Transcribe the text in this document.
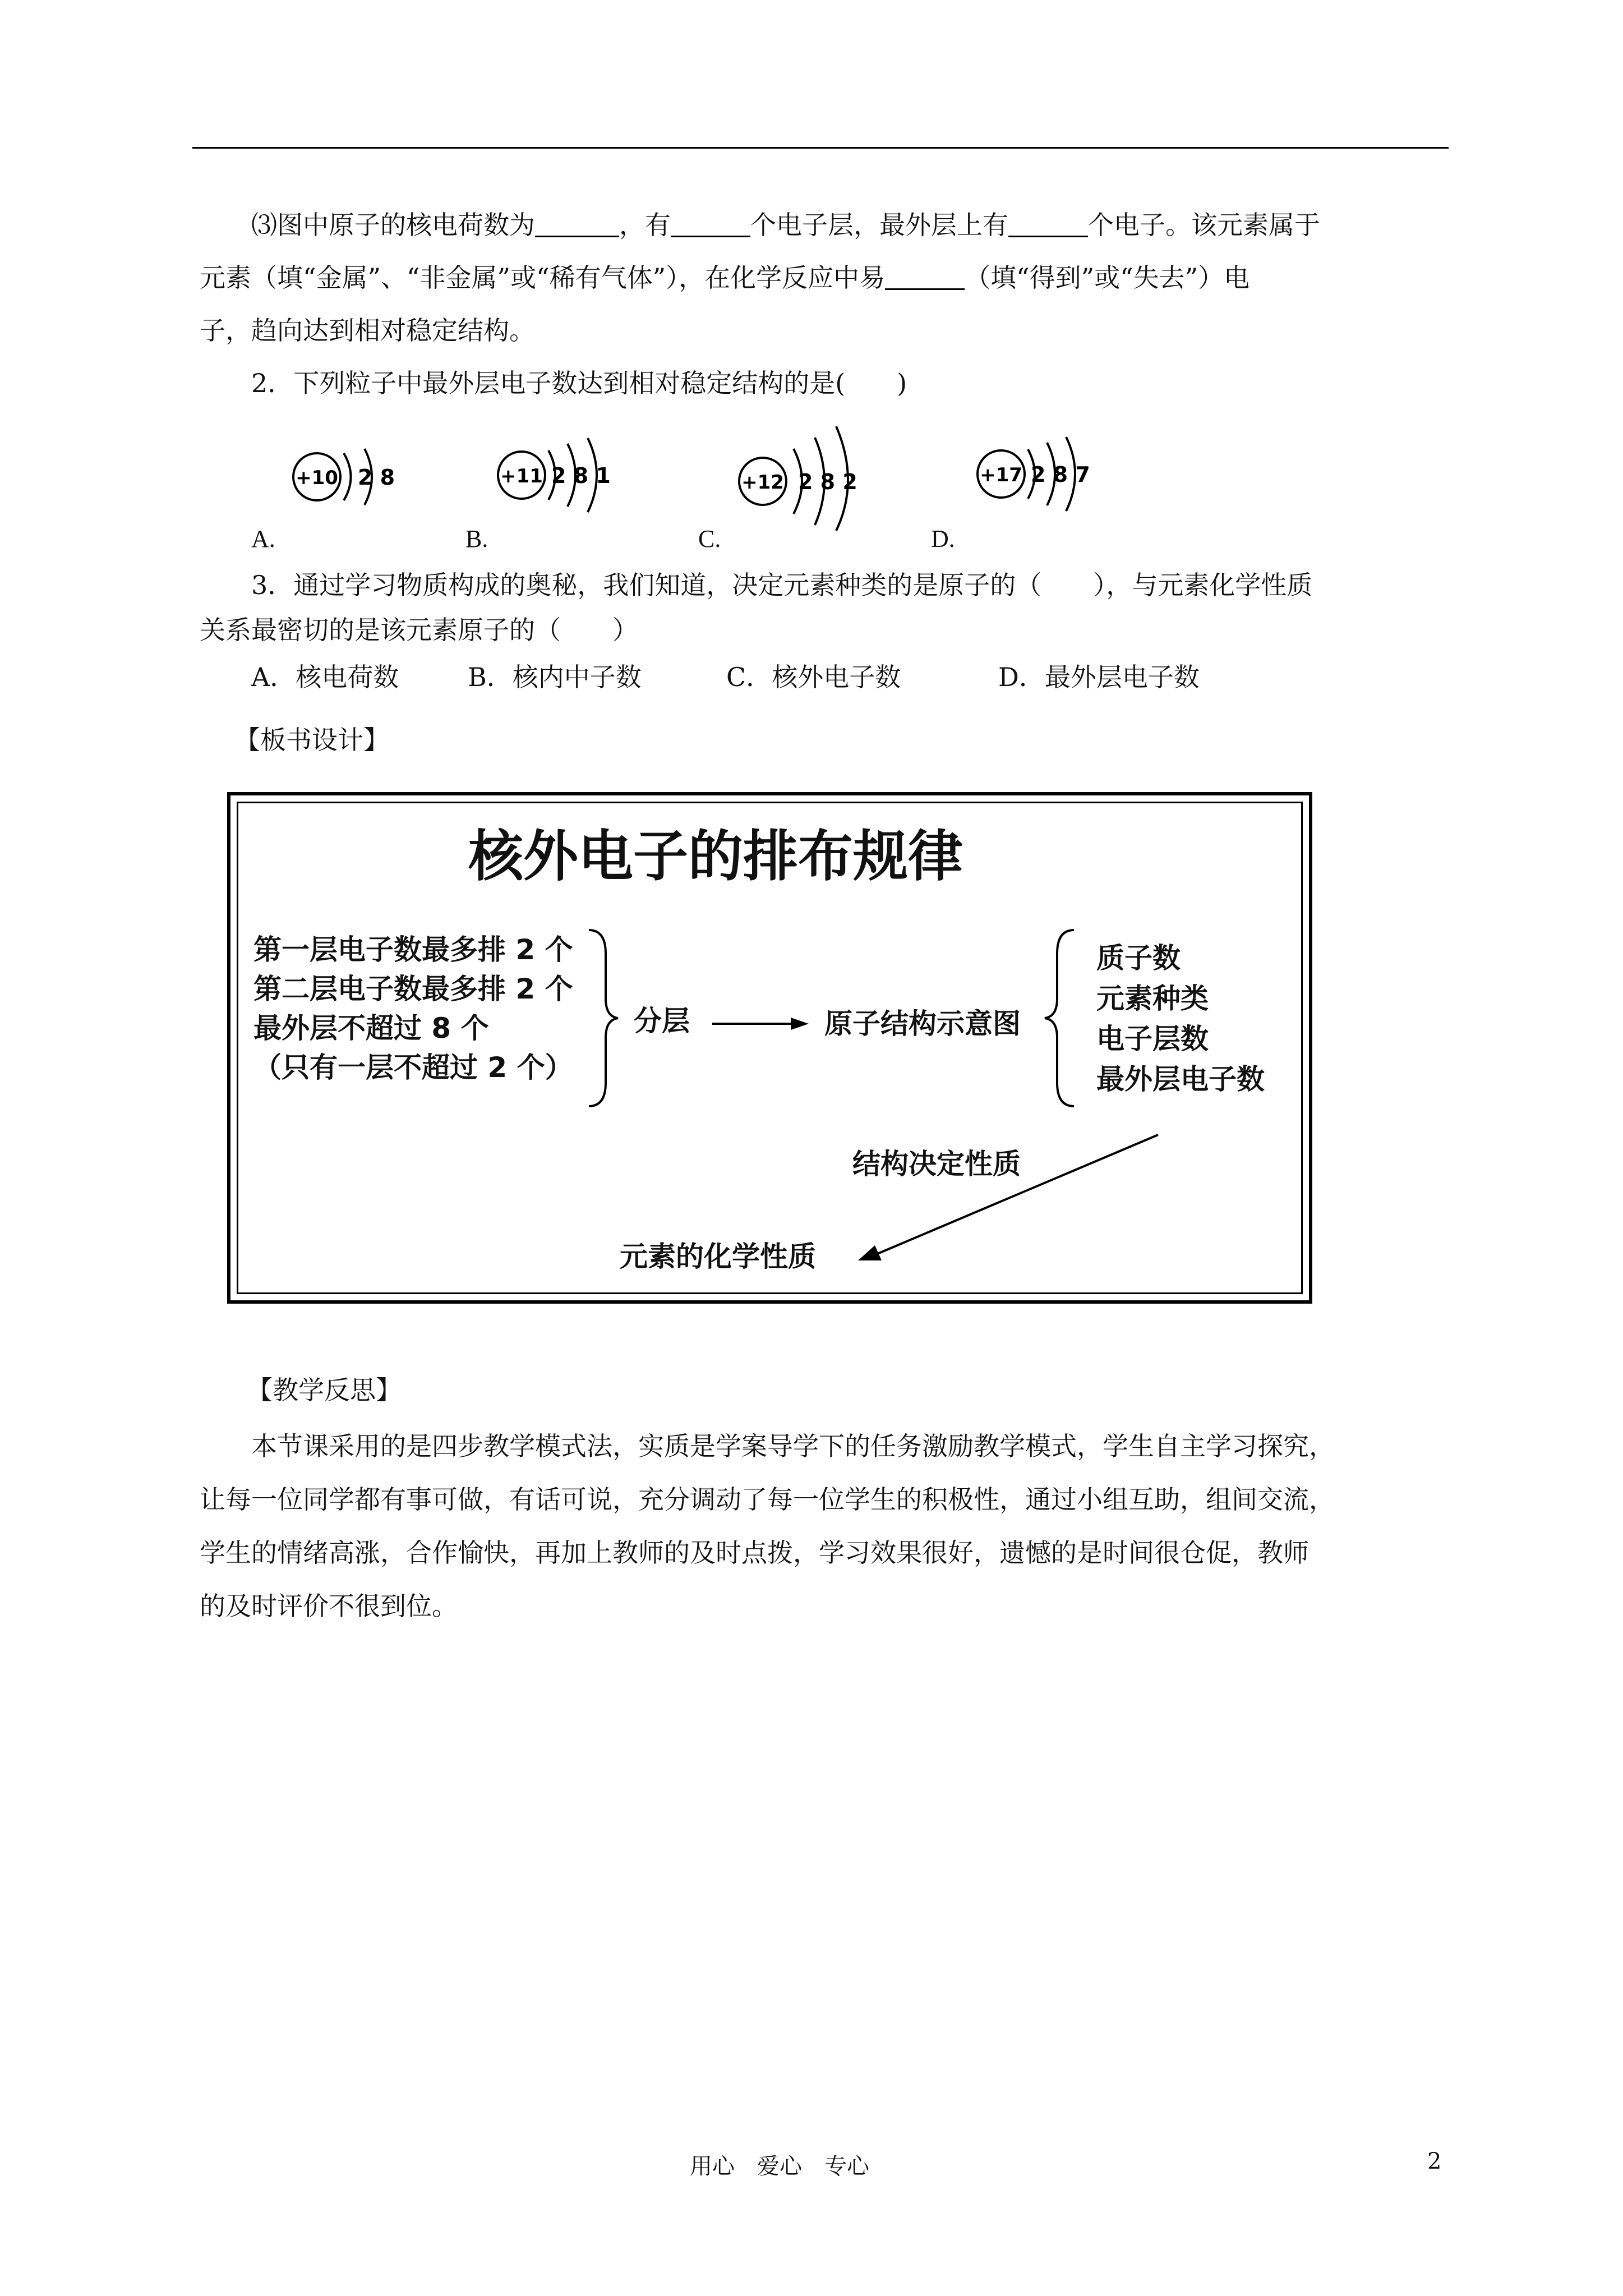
⑶图中原子的核电荷数为	，有	个电子层，最外层上有	个电子。该元素属于
元素（填“金属”、“非金属”或“稀有气体”），在化学反应中易	（填“得到”或“失去”）电
子，趋向达到相对稳定结构。
2．下列粒子中最外层电子数达到相对稳定结构的是(　　)
+10 2 8	+11 2 8 1	+12 2 8 2	+17 2 8 7
A.	B.	C.	D.
3．通过学习物质构成的奥秘，我们知道，决定元素种类的是原子的（　　），与元素化学性质
关系最密切的是该元素原子的（　　）
A．核电荷数	B．核内中子数	C．核外电子数	D．最外层电子数
【板书设计】
核外电子的排布规律
第一层电子数最多排 2 个
第二层电子数最多排 2 个
最外层不超过 8 个
（只有一层不超过 2 个）
分层	原子结构示意图
质子数
元素种类
电子层数
最外层电子数
结构决定性质
元素的化学性质
【教学反思】
本节课采用的是四步教学模式法，实质是学案导学下的任务激励教学模式，学生自主学习探究，
让每一位同学都有事可做，有话可说，充分调动了每一位学生的积极性，通过小组互助，组间交流，
学生的情绪高涨，合作愉快，再加上教师的及时点拨，学习效果很好，遗憾的是时间很仓促，教师
的及时评价不很到位。
用心　爱心　专心	2
